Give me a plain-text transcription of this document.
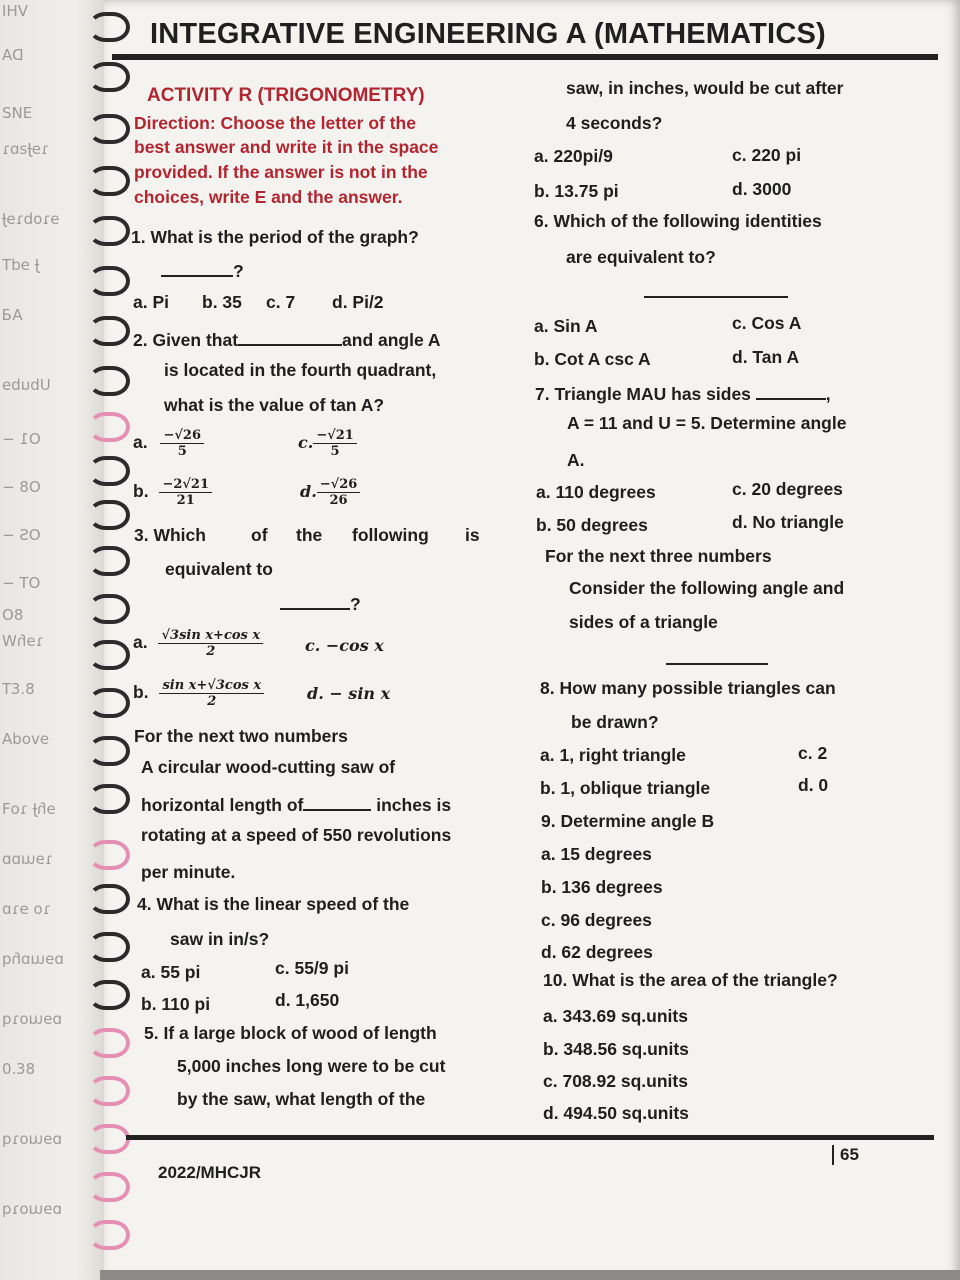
VHI
DA
ƎИƧ
ɿɘɈƨɒɿ
ɘɿobɿɘɈ
Ɉ ɘdT
AƋ
Ububɘ
O1 −
O8 −
OS −
OT −
8O
ɿɘɦW
8.ƐT
ɘvodA
ɘɦɈ ɿoꟻ
ɿɘɯɒɒ
ɿo ɘɿɒ
ɒɘɯɒɦq
ɒɘɯoɿq
8Ɛ.0
ɒɘɯoɿq
ɒɘɯoɿq
INTEGRATIVE ENGINEERING A (MATHEMATICS)
ACTIVITY R (TRIGONOMETRY)
Direction: Choose the letter of the
best answer and write it in the space
provided. If the answer is not in the
choices, write E and the answer.
1. What is the period of the graph?
?
a. Pi b. 35 c. 7 d. Pi/2
2. Given that	and angle A
is located in the fourth quadrant,
what is the value of tan A?
a. $\frac{-√26}{5}$	c. $\frac{-√21}{5}$
b. $\frac{-2√21}{21}$	d. $\frac{-√26}{26}$
3. Which	of the following is
equivalent to
?
a. $\frac{\text{√3sin x+cos x}}{2}$	c. −cos x
b. $\frac{\text{sin x+√3cos x}}{2}$	d. − sin x
For the next two numbers
A circular wood-cutting saw of
horizontal length of	inches is
rotating at a speed of 550 revolutions
per minute.
4. What is the linear speed of the
saw in in/s?
a. 55 pi	c. 55/9 pi
b. 110 pi	d. 1,650
5. If a large block of wood of length
5,000 inches long were to be cut
by the saw, what length of the
saw, in inches, would be cut after
4 seconds?
a. 220pi/9	c. 220 pi
b. 13.75 pi	d. 3000
6. Which of the following identities
are equivalent to?
a. Sin A	c. Cos A
b. Cot A csc A	d. Tan A
7. Triangle MAU has sides	,
A = 11 and U = 5. Determine angle
A.
a. 110 degrees	c. 20 degrees
b. 50 degrees	d. No triangle
For the next three numbers
Consider the following angle and
sides of a triangle
8. How many possible triangles can
be drawn?
a. 1, right triangle	c. 2
b. 1, oblique triangle	d. 0
9. Determine angle B
a. 15 degrees
b. 136 degrees
c. 96 degrees
d. 62 degrees
10. What is the area of the triangle?
a. 343.69 sq.units
b. 348.56 sq.units
c. 708.92 sq.units
d. 494.50 sq.units
2022/MHCJR
65
